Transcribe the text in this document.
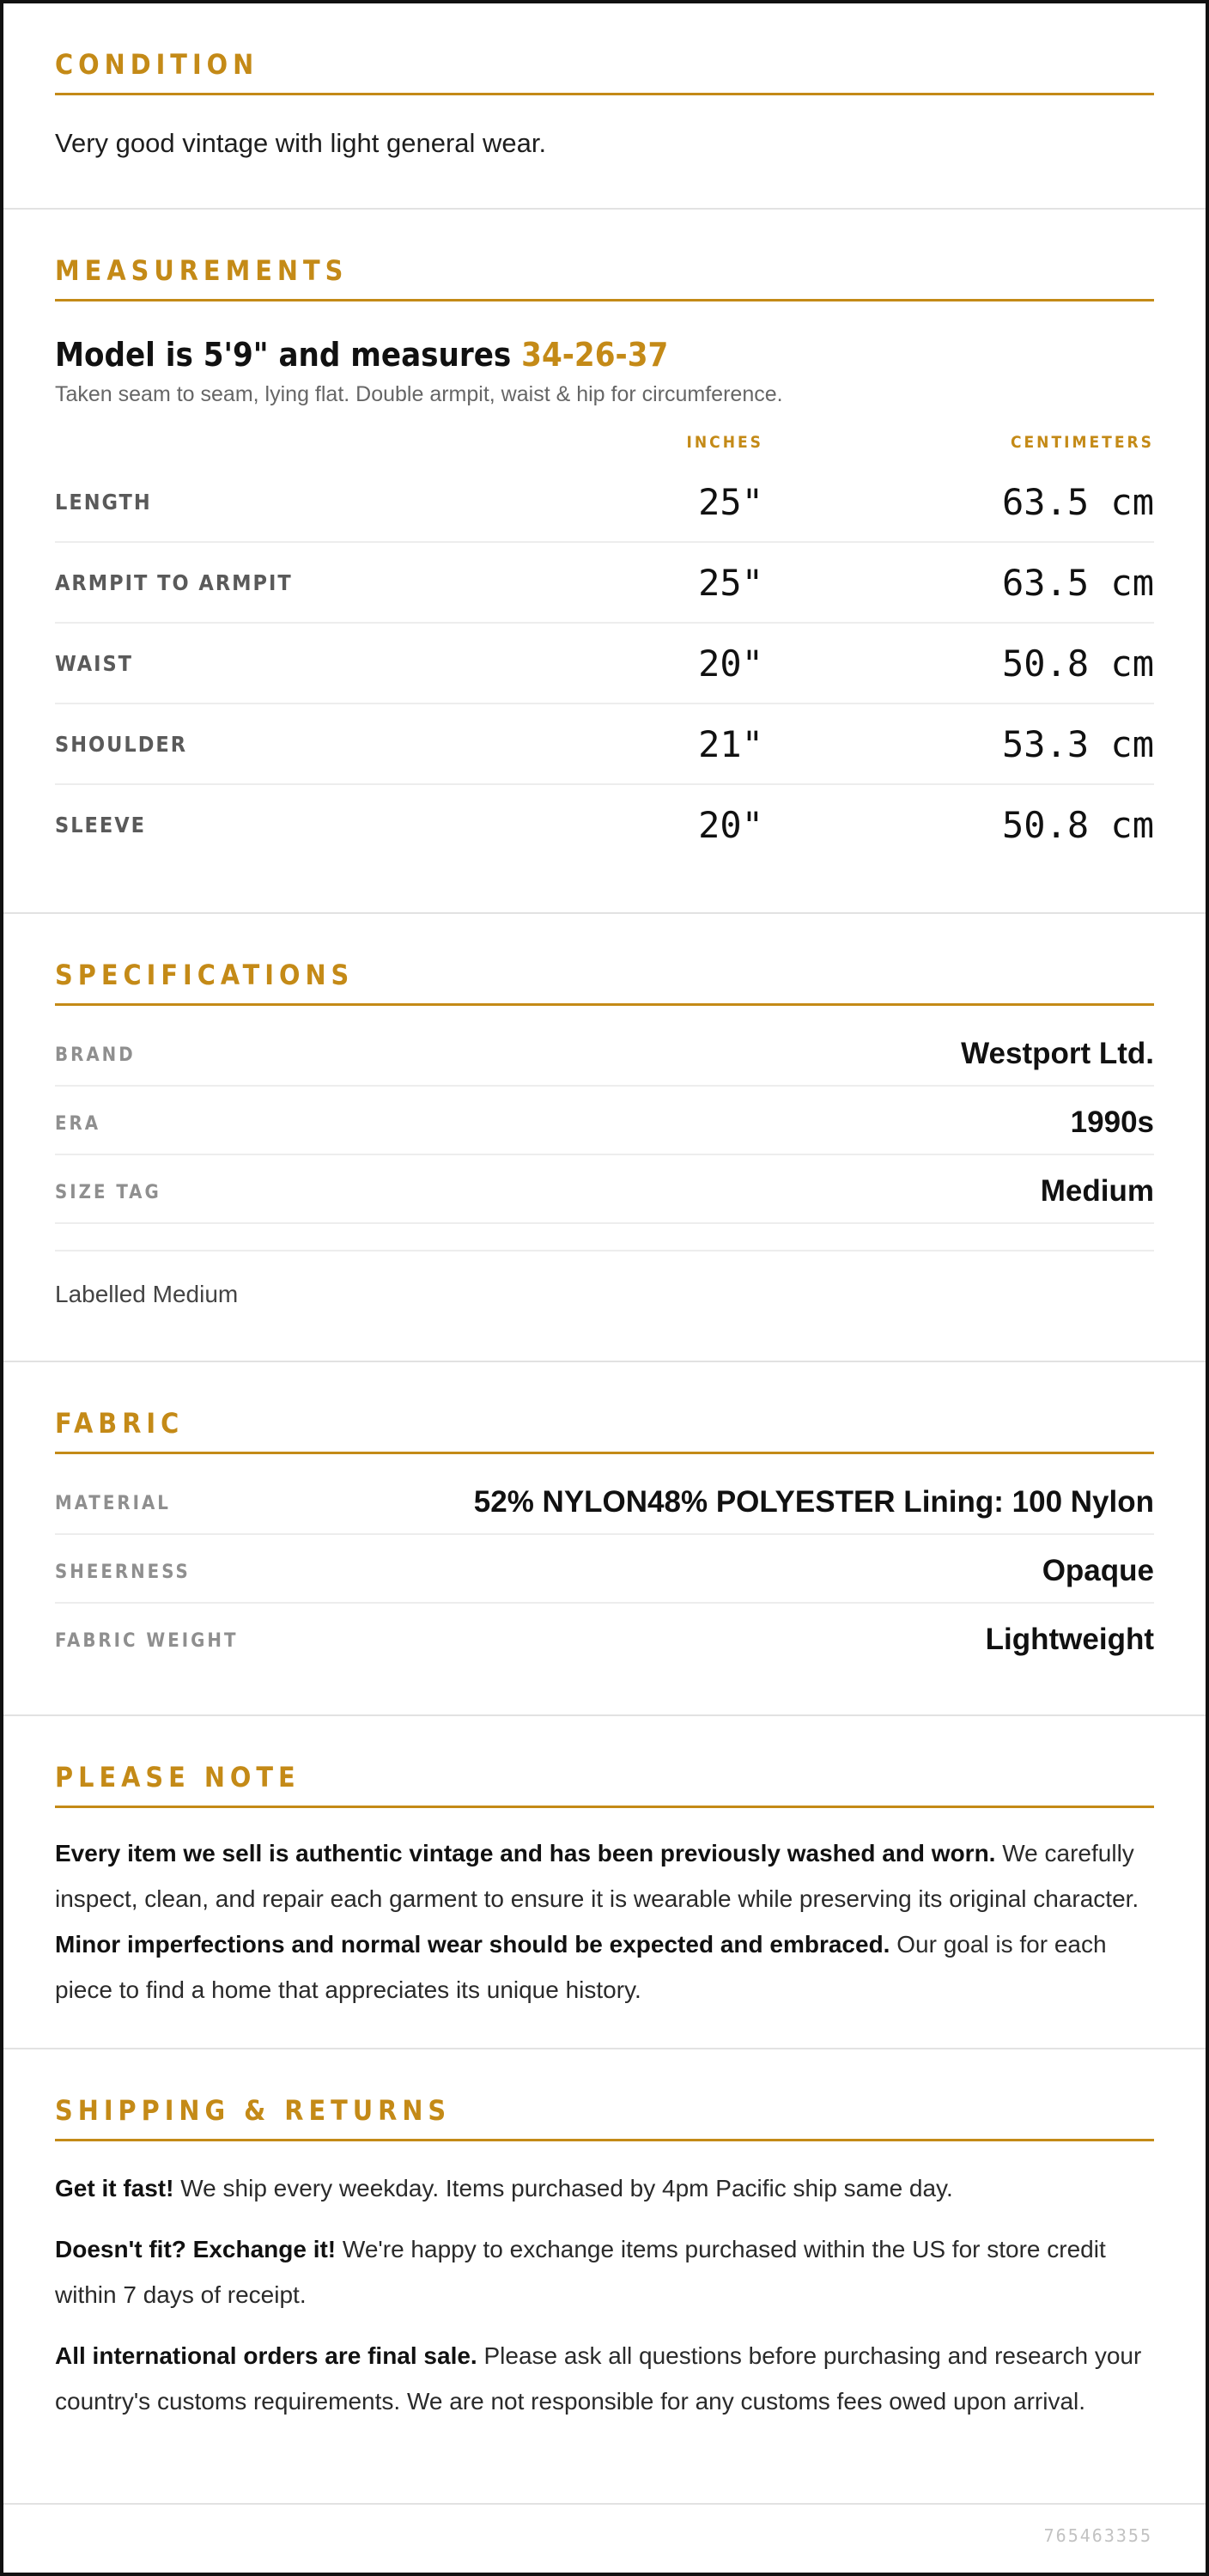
CONDITION
Very good vintage with light general wear.
MEASUREMENTS
Model is 5'9" and measures 34-26-37
Taken seam to seam, lying flat. Double armpit, waist & hip for circumference.
INCHES	CENTIMETERS
LENGTH	25"	63.5 cm
ARMPIT TO ARMPIT	25"	63.5 cm
WAIST	20"	50.8 cm
SHOULDER	21"	53.3 cm
SLEEVE	20"	50.8 cm
SPECIFICATIONS
BRAND	Westport Ltd.
ERA	1990s
SIZE TAG	Medium
Labelled Medium
FABRIC
MATERIAL	52% NYLON48% POLYESTER Lining: 100 Nylon
SHEERNESS	Opaque
FABRIC WEIGHT	Lightweight
PLEASE NOTE

Every item we sell is authentic vintage and has been previously washed and worn. We carefully inspect, clean, and repair each garment to ensure it is wearable while preserving its original character. Minor imperfections and normal wear should be expected and embraced. Our goal is for each piece to find a home that appreciates its unique history.

SHIPPING & RETURNS

Get it fast! We ship every weekday. Items purchased by 4pm Pacific ship same day.

Doesn't fit? Exchange it! We're happy to exchange items purchased within the US for store credit within 7 days of receipt.

All international orders are final sale. Please ask all questions before purchasing and research your country's customs requirements. We are not responsible for any customs fees owed upon arrival.

765463355
